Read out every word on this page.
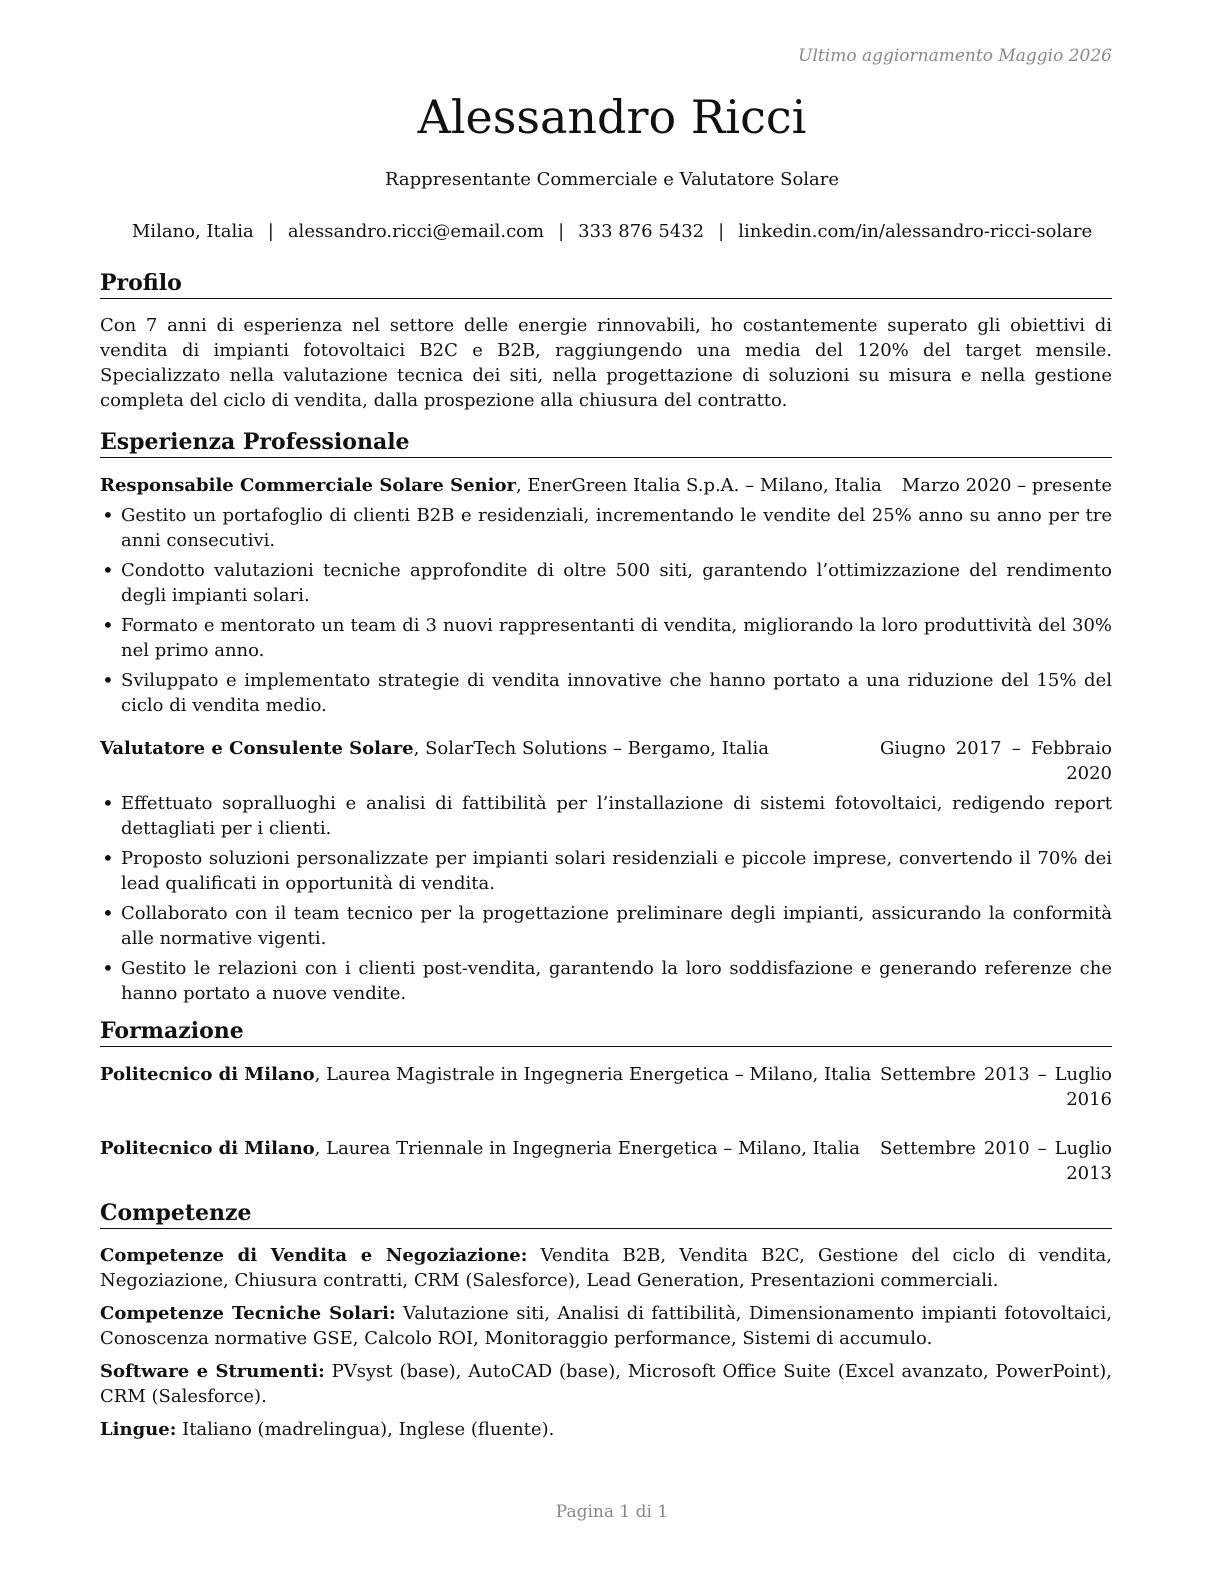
Ultimo aggiornamento Maggio 2026
Alessandro Ricci
Rappresentante Commerciale e Valutatore Solare
Milano, Italia | alessandro.ricci@email.com | 333 876 5432 | linkedin.com/in/alessandro-ricci-solare
Profilo

Con 7 anni di esperienza nel settore delle energie rinnovabili, ho costantemente superato gli obiettivi di vendita di impianti fotovoltaici B2C e B2B, raggiungendo una media del 120% del target mensile. Specializzato nella valutazione tecnica dei siti, nella progettazione di soluzioni su misura e nella gestione completa del ciclo di vendita, dalla prospezione alla chiusura del contratto.

Esperienza Professionale
Responsabile Commerciale Solare Senior, EnerGreen Italia S.p.A. – Milano, Italia	Marzo 2020 – presente
• Gestito un portafoglio di clienti B2B e residenziali, incrementando le vendite del 25% anno su anno per tre anni consecutivi.
• Condotto valutazioni tecniche approfondite di oltre 500 siti, garantendo l’ottimizzazione del rendimento degli impianti solari.
• Formato e mentorato un team di 3 nuovi rappresentanti di vendita, migliorando la loro produttività del 30% nel primo anno.
• Sviluppato e implementato strategie di vendita innovative che hanno portato a una riduzione del 15% del ciclo di vendita medio.
Valutatore e Consulente Solare, SolarTech Solutions – Bergamo, Italia	Giugno 2017 – Febbraio 2020
• Effettuato sopralluoghi e analisi di fattibilità per l’installazione di sistemi fotovoltaici, redigendo report dettagliati per i clienti.
• Proposto soluzioni personalizzate per impianti solari residenziali e piccole imprese, convertendo il 70% dei lead qualificati in opportunità di vendita.
• Collaborato con il team tecnico per la progettazione preliminare degli impianti, assicurando la conformità alle normative vigenti.
• Gestito le relazioni con i clienti post-vendita, garantendo la loro soddisfazione e generando referenze che hanno portato a nuove vendite.
Formazione
Politecnico di Milano, Laurea Magistrale in Ingegneria Energetica – Milano, Italia Settembre 2013 – Luglio 2016
Politecnico di Milano, Laurea Triennale in Ingegneria Energetica – Milano, Italia	Settembre 2010 – Luglio 2013
Competenze

Competenze di Vendita e Negoziazione: Vendita B2B, Vendita B2C, Gestione del ciclo di vendita, Negoziazione, Chiusura contratti, CRM (Salesforce), Lead Generation, Presentazioni commerciali.

Competenze Tecniche Solari: Valutazione siti, Analisi di fattibilità, Dimensionamento impianti fotovoltaici, Conoscenza normative GSE, Calcolo ROI, Monitoraggio performance, Sistemi di accumulo.

Software e Strumenti: PVsyst (base), AutoCAD (base), Microsoft Office Suite (Excel avanzato, PowerPoint), CRM (Salesforce).

Lingue: Italiano (madrelingua), Inglese (fluente).

Pagina 1 di 1
